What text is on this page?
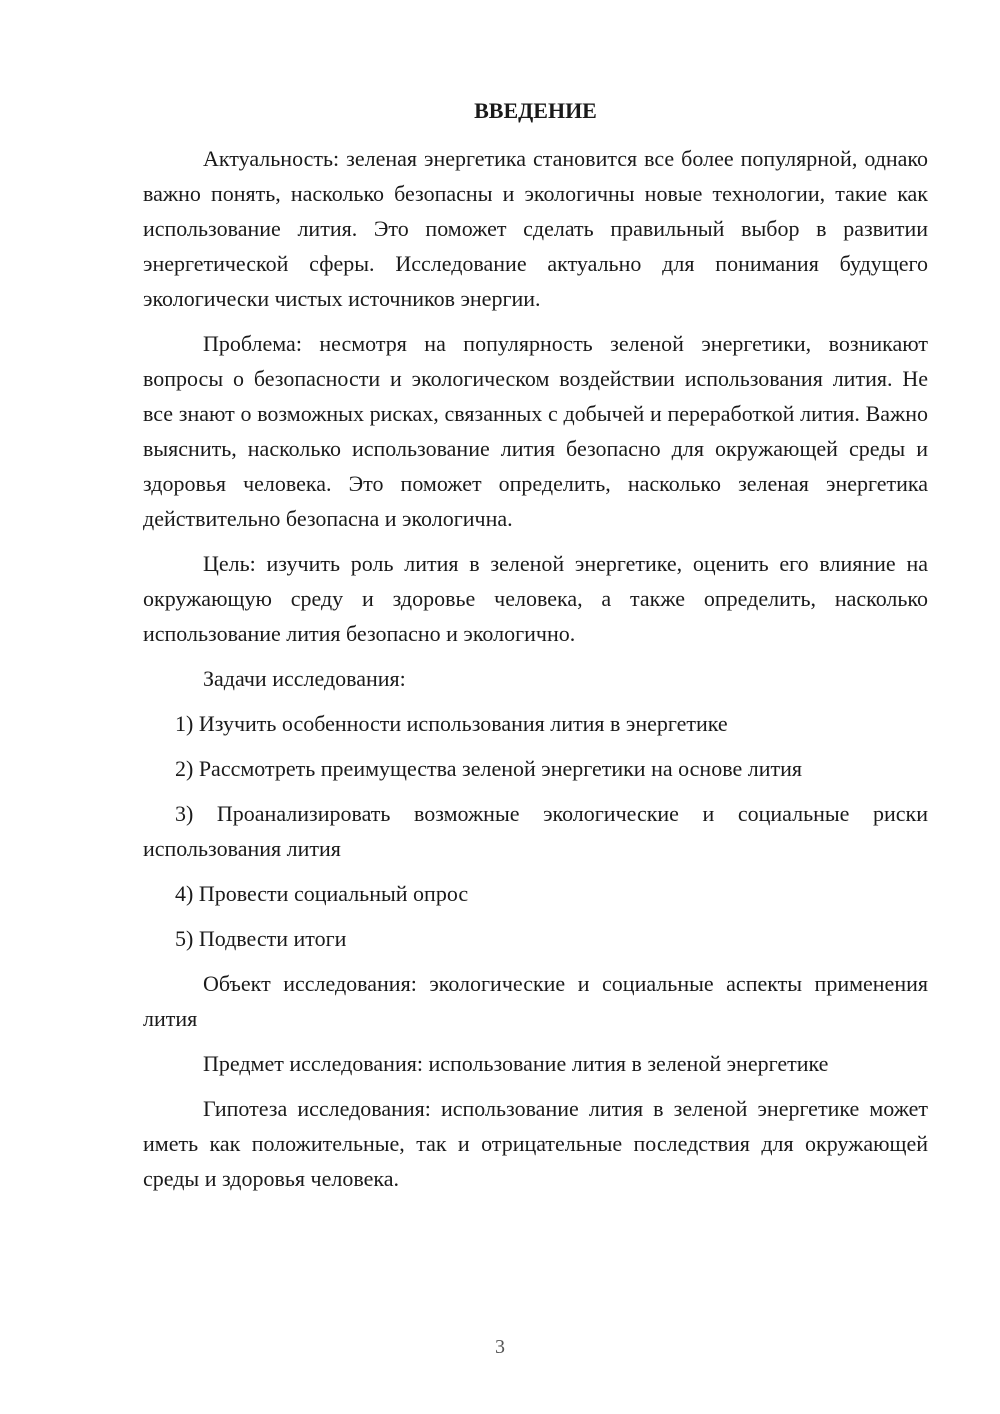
ВВЕДЕНИЕ

Актуальность: зеленая энергетика становится все более популярной, однако важно понять, насколько безопасны и экологичны новые технологии, такие как использование лития. Это поможет сделать правильный выбор в развитии энергетической сферы. Исследование актуально для понимания будущего экологически чистых источников энергии.

Проблема: несмотря на популярность зеленой энергетики, возникают вопросы о безопасности и экологическом воздействии использования лития. Не все знают о возможных рисках, связанных с добычей и переработкой лития. Важно выяснить, насколько использование лития безопасно для окружающей среды и здоровья человека. Это поможет определить, насколько зеленая энергетика действительно безопасна и экологична.

Цель: изучить роль лития в зеленой энергетике, оценить его влияние на окружающую среду и здоровье человека, а также определить, насколько использование лития безопасно и экологично.

Задачи исследования:

1) Изучить особенности использования лития в энергетике

2) Рассмотреть преимущества зеленой энергетики на основе лития

3) Проанализировать возможные экологические и социальные риски использования лития

4) Провести социальный опрос

5) Подвести итоги

Объект исследования: экологические и социальные аспекты применения лития

Предмет исследования: использование лития в зеленой энергетике

Гипотеза исследования: использование лития в зеленой энергетике может иметь как положительные, так и отрицательные последствия для окружающей среды и здоровья человека.

3
